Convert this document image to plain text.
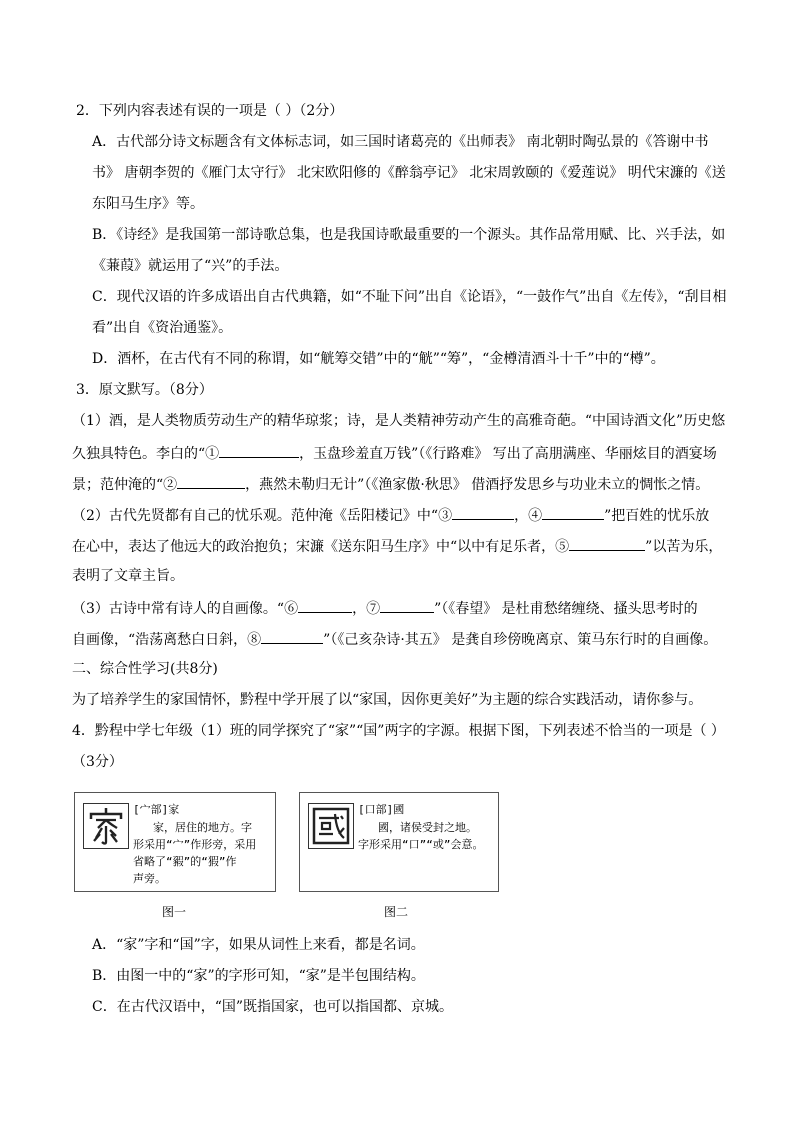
2．下列内容表述有误的一项是（ ）（2分）
A．古代部分诗文标题含有文体标志词，如三国时诸葛亮的《出师表》 南北朝时陶弘景的《答谢中书
书》 唐朝李贺的《雁门太守行》 北宋欧阳修的《醉翁亭记》 北宋周敦颐的《爱莲说》 明代宋濂的《送
东阳马生序》等。
B．《诗经》是我国第一部诗歌总集，也是我国诗歌最重要的一个源头。其作品常用赋、比、兴手法，如
《蒹葭》就运用了“兴”的手法。
C．现代汉语的许多成语出自古代典籍，如“不耻下问”出自《论语》，“一鼓作气”出自《左传》，“刮目相
看”出自《资治通鉴》。
D．酒杯，在古代有不同的称谓，如“觥筹交错”中的“觥”“筹”，“金樽清酒斗十千”中的“樽”。
3．原文默写。（8分）
（1）酒，是人类物质劳动生产的精华琼浆；诗，是人类精神劳动产生的高雅奇葩。“中国诗酒文化”历史悠
久独具特色。李白的“①	，玉盘珍羞直万钱”（《行路难》 写出了高朋满座、华丽炫目的酒宴场
景；范仲淹的“②	，燕然未勒归无计”（《渔家傲·秋思》 借酒抒发思乡与功业未立的惆怅之情。
（2）古代先贤都有自己的忧乐观。范仲淹《岳阳楼记》中“③	，④	”把百姓的忧乐放
在心中，表达了他远大的政治抱负；宋濂《送东阳马生序》中“以中有足乐者，⑤	”以苦为乐，
表明了文章主旨。
（3）古诗中常有诗人的自画像。“⑥	，⑦	”（《春望》 是杜甫愁绪缠绕、搔头思考时的
自画像，“浩荡离愁白日斜，⑧	”（《己亥杂诗·其五》 是龚自珍傍晚离京、策马东行时的自画像。
二、综合性学习(共8分)
为了培养学生的家国情怀，黔程中学开展了以“家国，因你更美好”为主题的综合实践活动，请你参与。
4．黔程中学七年级（1）班的同学探究了“家”“国”两字的字源。根据下图，下列表述不恰当的一项是（ ）
（3分）
[宀部]家
家，居住的地方。字
形采用“宀”作形旁，采用
省略了“豭”的“猳”作
声旁。
图一
[口部]國
國，诸侯受封之地。
字形采用“口”“或”会意。
图二
A．“家”字和“国”字，如果从词性上来看，都是名词。
B．由图一中的“家”的字形可知，“家”是半包围结构。
C．在古代汉语中，“国”既指国家，也可以指国都、京城。
